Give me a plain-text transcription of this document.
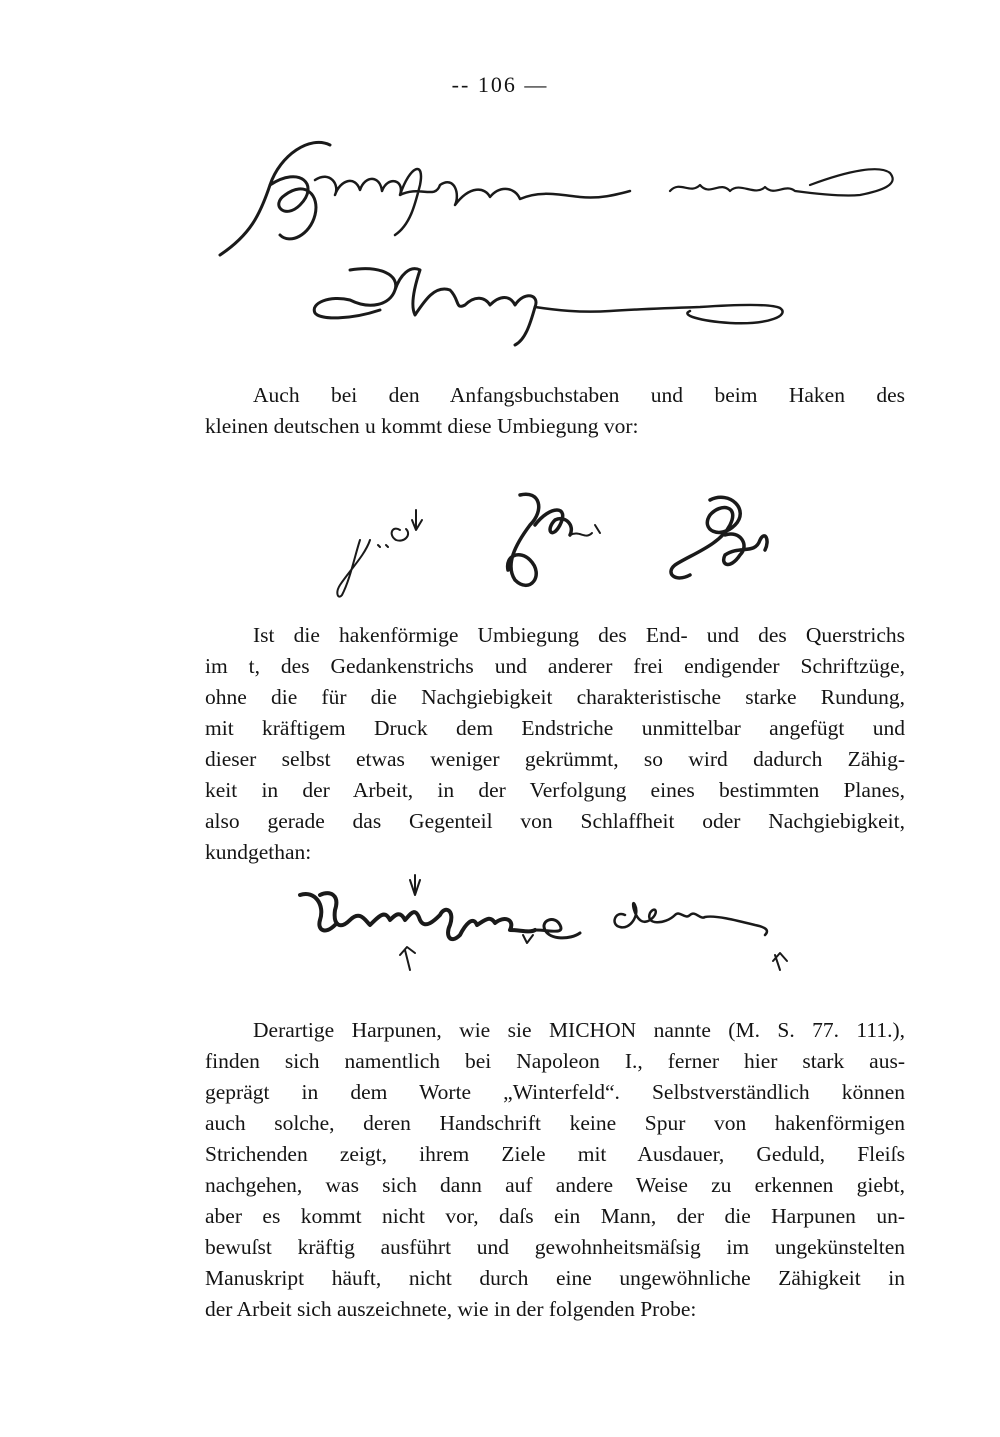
-- 106 —

Auch bei den Anfangsbuchstaben und beim Haken des
kleinen deutschen u kommt diese Umbiegung vor:

Ist die hakenförmige Umbiegung des End- und des Querstrichs
im t, des Gedankenstrichs und anderer frei endigender Schriftzüge,
ohne die für die Nachgiebigkeit charakteristische starke Rundung,
mit kräftigem Druck dem Endstriche unmittelbar angefügt und
dieser selbst etwas weniger gekrümmt, so wird dadurch Zähig-
keit in der Arbeit, in der Verfolgung eines bestimmten Planes,
also gerade das Gegenteil von Schlaffheit oder Nachgiebigkeit,
kundgethan:

Derartige Harpunen, wie sie MICHON nannte (M. S. 77. 111.),
finden sich namentlich bei Napoleon I., ferner hier stark aus-
geprägt in dem Worte „Winterfeld“. Selbstverständlich können
auch solche, deren Handschrift keine Spur von hakenförmigen
Strichenden zeigt, ihrem Ziele mit Ausdauer, Geduld, Fleiſs
nachgehen, was sich dann auf andere Weise zu erkennen giebt,
aber es kommt nicht vor, daſs ein Mann, der die Harpunen un-
bewuſst kräftig ausführt und gewohnheitsmäſsig im ungekünstelten
Manuskript häuft, nicht durch eine ungewöhnliche Zähigkeit in
der Arbeit sich auszeichnete, wie in der folgenden Probe:
